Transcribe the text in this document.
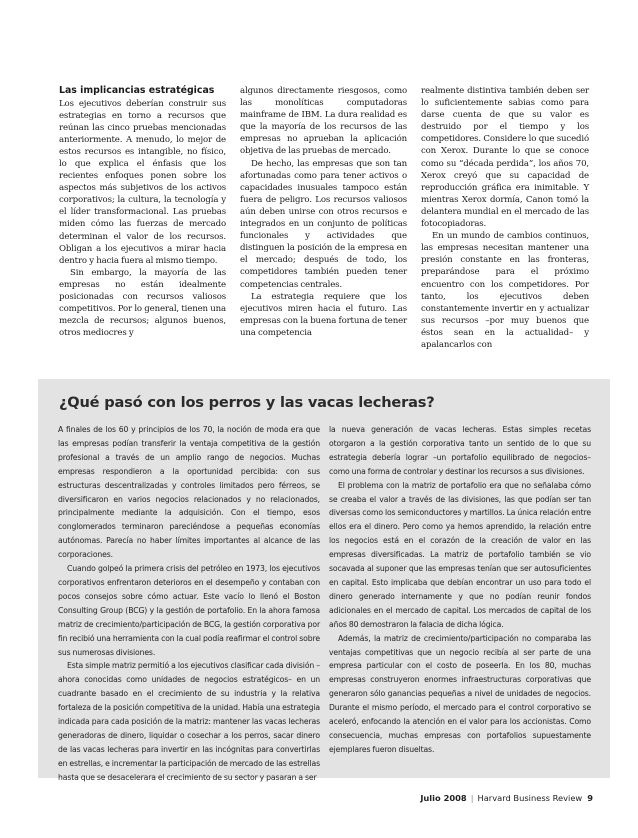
Las implicancias estratégicas

Los ejecutivos deberían construir sus estrategias en torno a recursos que reúnan las cinco pruebas mencionadas anteriormente. A menudo, lo mejor de estos recursos es intangible, no físico, lo que explica el énfasis que los recientes enfoques ponen sobre los aspectos más subjetivos de los activos corporativos; la cultura, la tecnología y el líder transformacional. Las pruebas miden cómo las fuerzas de mercado determinan el valor de los recursos. Obligan a los ejecutivos a mirar hacia dentro y hacia fuera al mismo tiempo.

Sin embargo, la mayoría de las empresas no están idealmente posicionadas con recursos valiosos competitivos. Por lo general, tienen una mezcla de recursos; algunos buenos, otros mediocres y

algunos directamente riesgosos, como las monolíticas computadoras mainframe de IBM. La dura realidad es que la mayoría de los recursos de las empresas no aprueban la aplicación objetiva de las pruebas de mercado.

De hecho, las empresas que son tan afortunadas como para tener activos o capacidades inusuales tampoco están fuera de peligro. Los recursos valiosos aún deben unirse con otros recursos e integrados en un conjunto de políticas funcionales y actividades que distinguen la posición de la empresa en el mercado; después de todo, los competidores también pueden tener competencias centrales.

La estrategia requiere que los ejecutivos miren hacia el futuro. Las empresas con la buena fortuna de tener una competencia

realmente distintiva también deben ser lo suficientemente sabias como para darse cuenta de que su valor es destruido por el tiempo y los competidores. Considere lo que sucedió con Xerox. Durante lo que se conoce como su “década perdida”, los años 70, Xerox creyó que su capacidad de reproducción gráfica era inimitable. Y mientras Xerox dormía, Canon tomó la delantera mundial en el mercado de las fotocopiadoras.

En un mundo de cambios continuos, las empresas necesitan mantener una presión constante en las fronteras, preparándose para el próximo encuentro con los competidores. Por tanto, los ejecutivos deben constantemente invertir en y actualizar sus recursos –por muy buenos que éstos sean en la actualidad– y apalancarlos con

¿Qué pasó con los perros y las vacas lecheras?

A finales de los 60 y principios de los 70, la noción de moda era que las empresas podían transferir la ventaja competitiva de la gestión profesional a través de un amplio rango de negocios. Muchas empresas respondieron a la oportunidad percibida: con sus estructuras descentralizadas y controles limitados pero férreos, se diversificaron en varios negocios relacionados y no relacionados, principalmente mediante la adquisición. Con el tiempo, esos conglomerados terminaron pareciéndose a pequeñas economías autónomas. Parecía no haber límites importantes al alcance de las corporaciones.

Cuando golpeó la primera crisis del petróleo en 1973, los ejecutivos corporativos enfrentaron deterioros en el desempeño y contaban con pocos consejos sobre cómo actuar. Este vacío lo llenó el Boston Consulting Group (BCG) y la gestión de portafolio. En la ahora famosa matriz de crecimiento/participación de BCG, la gestión corporativa por fin recibió una herramienta con la cual podía reafirmar el control sobre sus numerosas divisiones.

Esta simple matriz permitió a los ejecutivos clasificar cada división –ahora conocidas como unidades de negocios estratégicos– en un cuadrante basado en el crecimiento de su industria y la relativa fortaleza de la posición competitiva de la unidad. Había una estrategia indicada para cada posición de la matriz: mantener las vacas lecheras generadoras de dinero, liquidar o cosechar a los perros, sacar dinero de las vacas lecheras para invertir en las incógnitas para convertirlas en estrellas, e incrementar la participación de mercado de las estrellas hasta que se desacelerara el crecimiento de su sector y pasaran a ser

la nueva generación de vacas lecheras. Estas simples recetas otorgaron a la gestión corporativa tanto un sentido de lo que su estrategia debería lograr –un portafolio equilibrado de negocios– como una forma de controlar y destinar los recursos a sus divisiones.

El problema con la matriz de portafolio era que no señalaba cómo se creaba el valor a través de las divisiones, las que podían ser tan diversas como los semiconductores y martillos. La única relación entre ellos era el dinero. Pero como ya hemos aprendido, la relación entre los negocios está en el corazón de la creación de valor en las empresas diversificadas. La matriz de portafolio también se vio socavada al suponer que las empresas tenían que ser autosuficientes en capital. Esto implicaba que debían encontrar un uso para todo el dinero generado internamente y que no podían reunir fondos adicionales en el mercado de capital. Los mercados de capital de los años 80 demostraron la falacia de dicha lógica.

Además, la matriz de crecimiento/participación no comparaba las ventajas competitivas que un negocio recibía al ser parte de una empresa particular con el costo de poseerla. En los 80, muchas empresas construyeron enormes infraestructuras corporativas que generaron sólo ganancias pequeñas a nivel de unidades de negocios. Durante el mismo período, el mercado para el control corporativo se aceleró, enfocando la atención en el valor para los accionistas. Como consecuencia, muchas empresas con portafolios supuestamente ejemplares fueron disueltas.

Julio 2008 | Harvard Business Review 9
